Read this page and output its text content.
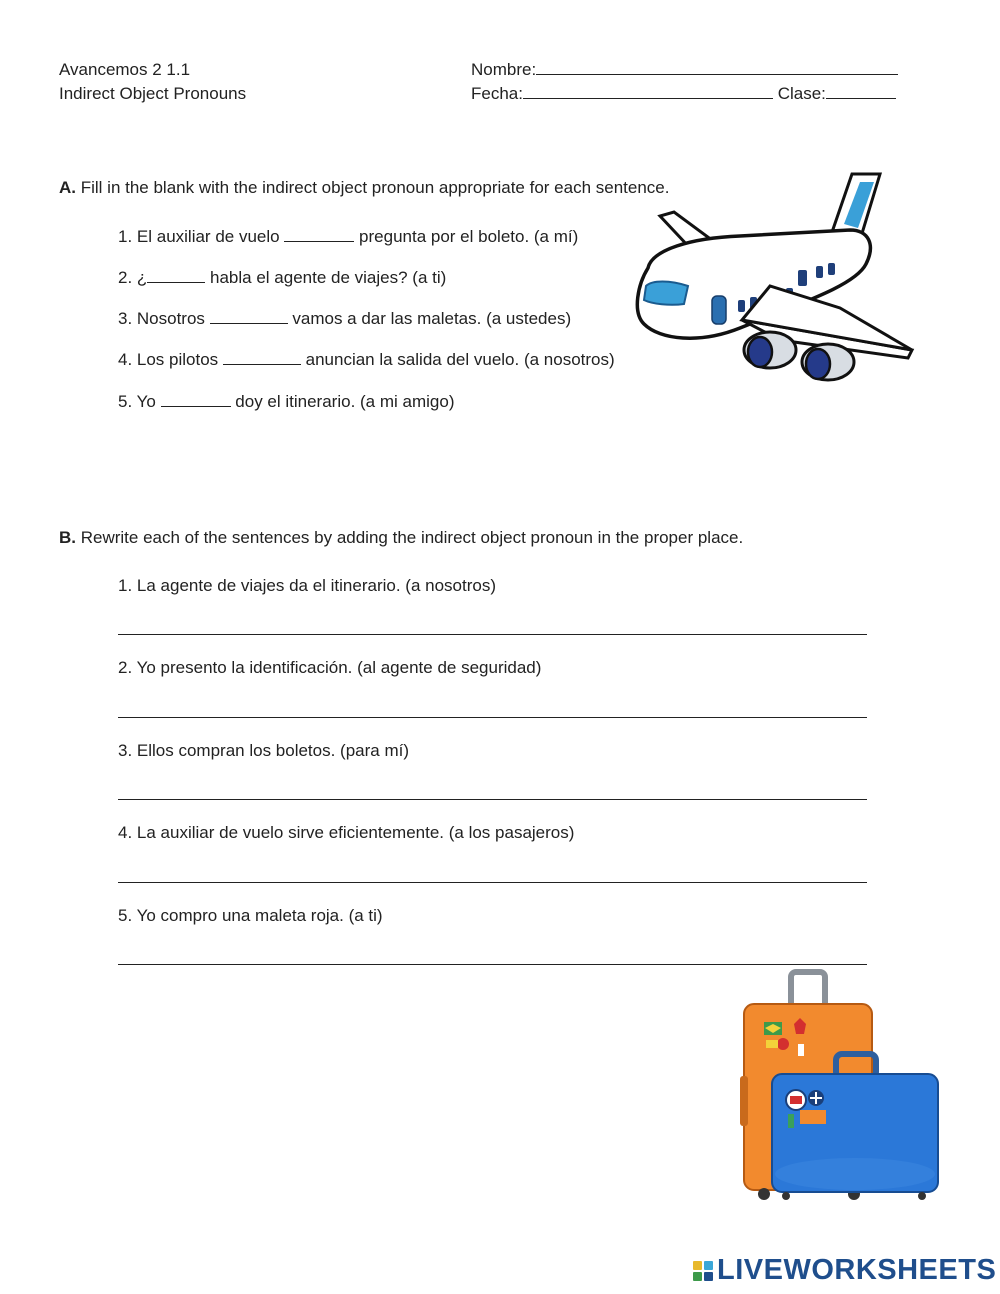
Avancemos 2 1.1
Indirect Object Pronouns
Nombre:
Fecha:	Clase:
A. Fill in the blank with the indirect object pronoun appropriate for each sentence.
1. El auxiliar de vuelo	pregunta por el boleto. (a mí)
2. ¿	habla el agente de viajes? (a ti)
3. Nosotros	vamos a dar las maletas. (a ustedes)
4. Los pilotos	anuncian la salida del vuelo. (a nosotros)
5. Yo	doy el itinerario. (a mi amigo)
B. Rewrite each of the sentences by adding the indirect object pronoun in the proper place.
1. La agente de viajes da el itinerario. (a nosotros)
2. Yo presento la identificación. (al agente de seguridad)
3. Ellos compran los boletos. (para mí)
4. La auxiliar de vuelo sirve eficientemente. (a los pasajeros)
5. Yo compro una maleta roja. (a ti)
LIVEWORKSHEETS
